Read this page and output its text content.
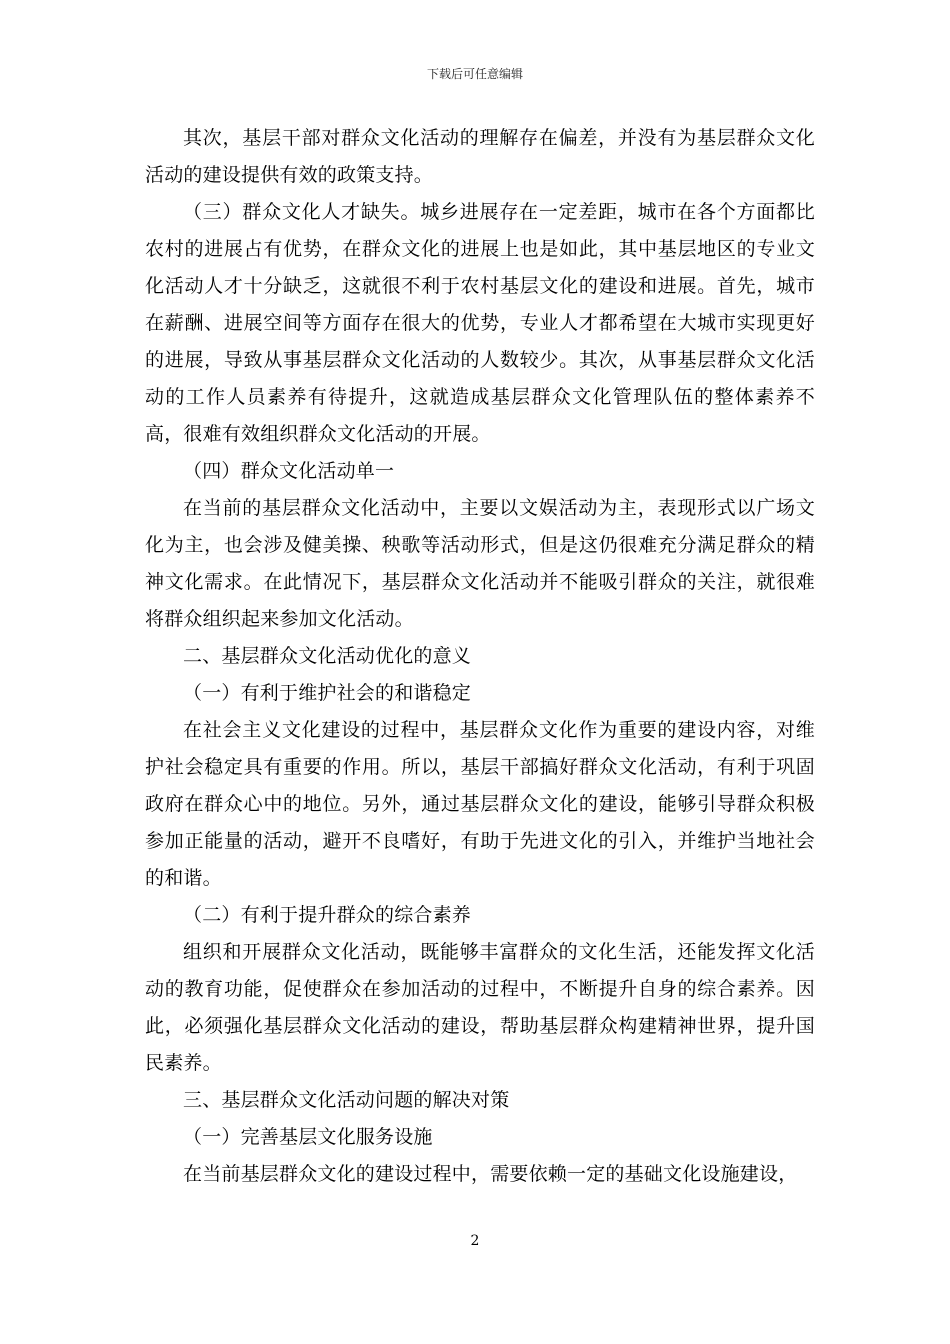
下载后可任意编辑

其次，基层干部对群众文化活动的理解存在偏差，并没有为基层群众文化活动的建设提供有效的政策支持。

（三）群众文化人才缺失。城乡进展存在一定差距，城市在各个方面都比农村的进展占有优势，在群众文化的进展上也是如此，其中基层地区的专业文化活动人才十分缺乏，这就很不利于农村基层文化的建设和进展。首先，城市在薪酬、进展空间等方面存在很大的优势，专业人才都希望在大城市实现更好的进展，导致从事基层群众文化活动的人数较少。其次，从事基层群众文化活动的工作人员素养有待提升，这就造成基层群众文化管理队伍的整体素养不高，很难有效组织群众文化活动的开展。

（四）群众文化活动单一

在当前的基层群众文化活动中，主要以文娱活动为主，表现形式以广场文化为主，也会涉及健美操、秧歌等活动形式，但是这仍很难充分满足群众的精神文化需求。在此情况下，基层群众文化活动并不能吸引群众的关注，就很难将群众组织起来参加文化活动。

二、基层群众文化活动优化的意义

（一）有利于维护社会的和谐稳定

在社会主义文化建设的过程中，基层群众文化作为重要的建设内容，对维护社会稳定具有重要的作用。所以，基层干部搞好群众文化活动，有利于巩固政府在群众心中的地位。另外，通过基层群众文化的建设，能够引导群众积极参加正能量的活动，避开不良嗜好，有助于先进文化的引入，并维护当地社会的和谐。

（二）有利于提升群众的综合素养

组织和开展群众文化活动，既能够丰富群众的文化生活，还能发挥文化活动的教育功能，促使群众在参加活动的过程中，不断提升自身的综合素养。因此，必须强化基层群众文化活动的建设，帮助基层群众构建精神世界，提升国民素养。

三、基层群众文化活动问题的解决对策

（一）完善基层文化服务设施

在当前基层群众文化的建设过程中，需要依赖一定的基础文化设施建设，

2
